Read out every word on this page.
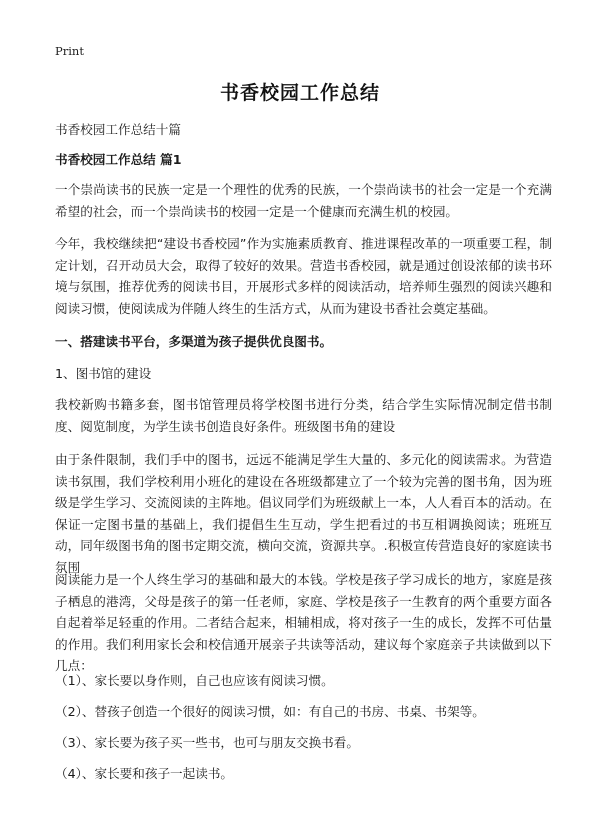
Print
书香校园工作总结

书香校园工作总结十篇

书香校园工作总结 篇1

一个崇尚读书的民族一定是一个理性的优秀的民族，一个崇尚读书的社会一定是一个充满希望的社会，而一个崇尚读书的校园一定是一个健康而充满生机的校园。

今年，我校继续把“建设书香校园”作为实施素质教育、推进课程改革的一项重要工程，制定计划，召开动员大会，取得了较好的效果。营造书香校园，就是通过创设浓郁的读书环境与氛围，推荐优秀的阅读书目，开展形式多样的阅读活动，培养师生强烈的阅读兴趣和阅读习惯，使阅读成为伴随人终生的生活方式，从而为建设书香社会奠定基础。

一、搭建读书平台，多渠道为孩子提供优良图书。

1、图书馆的建设

我校新购书籍多套，图书馆管理员将学校图书进行分类，结合学生实际情况制定借书制度、阅览制度，为学生读书创造良好条件。班级图书角的建设

由于条件限制，我们手中的图书，远远不能满足学生大量的、多元化的阅读需求。为营造读书氛围，我们学校利用小班化的建设在各班级都建立了一个较为完善的图书角，因为班级是学生学习、交流阅读的主阵地。倡议同学们为班级献上一本，人人看百本的活动。在保证一定图书量的基础上，我们提倡生生互动，学生把看过的书互相调换阅读；班班互动，同年级图书角的图书定期交流，横向交流，资源共享。.积极宣传营造良好的家庭读书氛围

阅读能力是一个人终生学习的基础和最大的本钱。学校是孩子学习成长的地方，家庭是孩子栖息的港湾，父母是孩子的第一任老师，家庭、学校是孩子一生教育的两个重要方面各自起着举足轻重的作用。二者结合起来，相辅相成，将对孩子一生的成长，发挥不可估量的作用。我们利用家长会和校信通开展亲子共读等活动，建议每个家庭亲子共读做到以下几点：

（1）、家长要以身作则，自己也应该有阅读习惯。

（2）、替孩子创造一个很好的阅读习惯，如：有自己的书房、书桌、书架等。

（3）、家长要为孩子买一些书，也可与朋友交换书看。

（4）、家长要和孩子一起读书。
